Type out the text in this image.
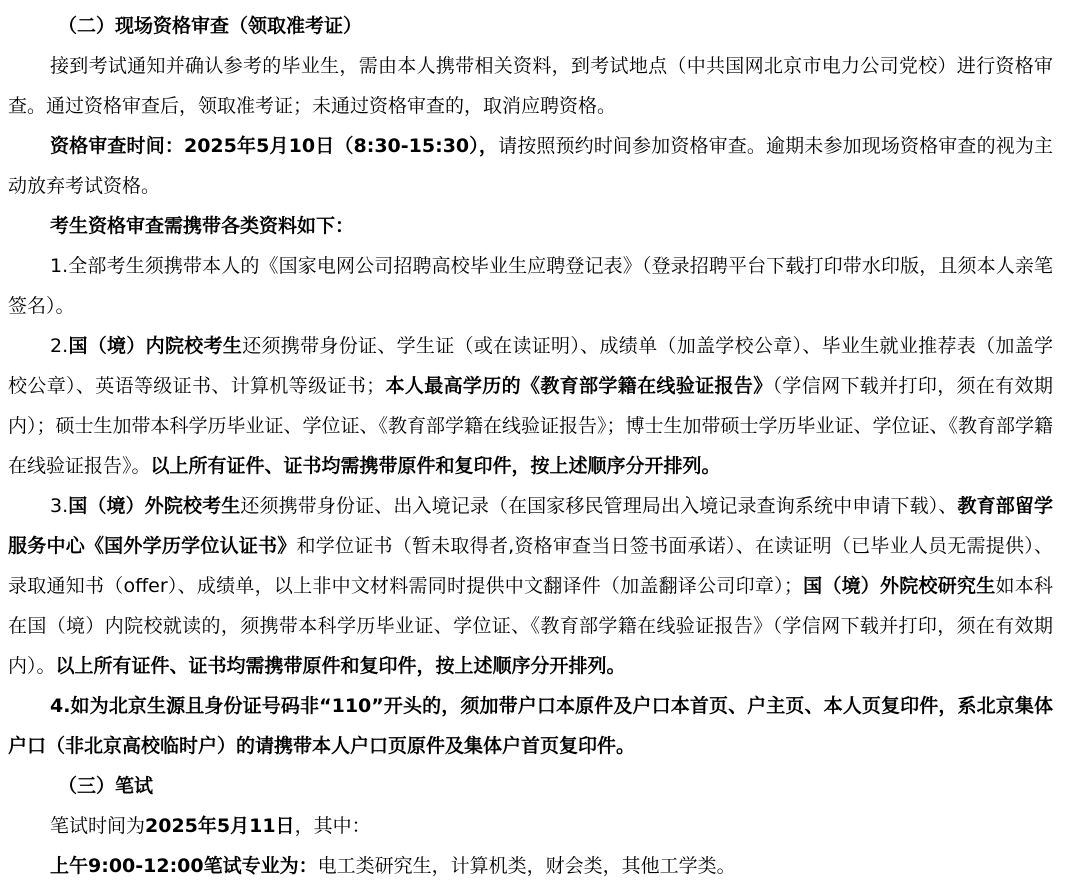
（二）现场资格审查（领取准考证）

接到考试通知并确认参考的毕业生，需由本人携带相关资料，到考试地点（中共国网北京市电力公司党校）进行资格审查。通过资格审查后，领取准考证；未通过资格审查的，取消应聘资格。

资格审查时间：2025年5月10日（8:30-15:30），请按照预约时间参加资格审查。逾期未参加现场资格审查的视为主动放弃考试资格。

考生资格审查需携带各类资料如下：

1.全部考生须携带本人的《国家电网公司招聘高校毕业生应聘登记表》（登录招聘平台下载打印带水印版，且须本人亲笔签名）。

2.国（境）内院校考生还须携带身份证、学生证（或在读证明）、成绩单（加盖学校公章）、毕业生就业推荐表（加盖学校公章）、英语等级证书、计算机等级证书；本人最高学历的《教育部学籍在线验证报告》（学信网下载并打印，须在有效期内）；硕士生加带本科学历毕业证、学位证、《教育部学籍在线验证报告》；博士生加带硕士学历毕业证、学位证、《教育部学籍在线验证报告》。以上所有证件、证书均需携带原件和复印件，按上述顺序分开排列。

3.国（境）外院校考生还须携带身份证、出入境记录（在国家移民管理局出入境记录查询系统中申请下载）、教育部留学服务中心《国外学历学位认证书》和学位证书（暂未取得者,资格审查当日签书面承诺）、在读证明（已毕业人员无需提供）、录取通知书（offer）、成绩单，以上非中文材料需同时提供中文翻译件（加盖翻译公司印章）；国（境）外院校研究生如本科在国（境）内院校就读的，须携带本科学历毕业证、学位证、《教育部学籍在线验证报告》（学信网下载并打印，须在有效期内）。以上所有证件、证书均需携带原件和复印件，按上述顺序分开排列。

4.如为北京生源且身份证号码非“110”开头的，须加带户口本原件及户口本首页、户主页、本人页复印件，系北京集体户口（非北京高校临时户）的请携带本人户口页原件及集体户首页复印件。

（三）笔试

笔试时间为2025年5月11日，其中：

上午9:00-12:00笔试专业为：电工类研究生，计算机类，财会类，其他工学类。
